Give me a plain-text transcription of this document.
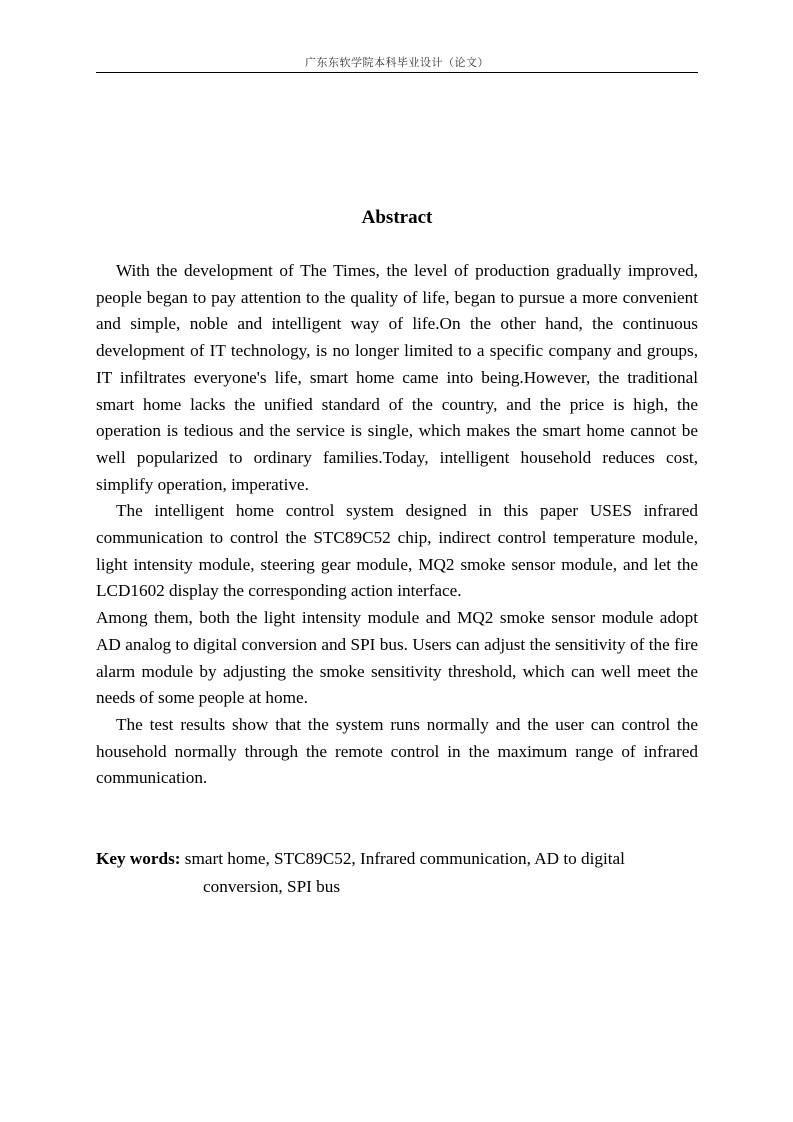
广东东软学院本科毕业设计（论文）
Abstract

With the development of The Times, the level of production gradually improved, people began to pay attention to the quality of life, began to pursue a more convenient and simple, noble and intelligent way of life.On the other hand, the continuous development of IT technology, is no longer limited to a specific company and groups, IT infiltrates everyone's life, smart home came into being.However, the traditional smart home lacks the unified standard of the country, and the price is high, the operation is tedious and the service is single, which makes the smart home cannot be well popularized to ordinary families.Today, intelligent household reduces cost, simplify operation, imperative.

The intelligent home control system designed in this paper USES infrared communication to control the STC89C52 chip, indirect control temperature module, light intensity module, steering gear module, MQ2 smoke sensor module, and let the LCD1602 display the corresponding action interface.

Among them, both the light intensity module and MQ2 smoke sensor module adopt AD analog to digital conversion and SPI bus. Users can adjust the sensitivity of the fire alarm module by adjusting the smoke sensitivity threshold, which can well meet the needs of some people at home.

The test results show that the system runs normally and the user can control the household normally through the remote control in the maximum range of infrared communication.

Key words: smart home, STC89C52, Infrared communication, AD to digital conversion, SPI bus
